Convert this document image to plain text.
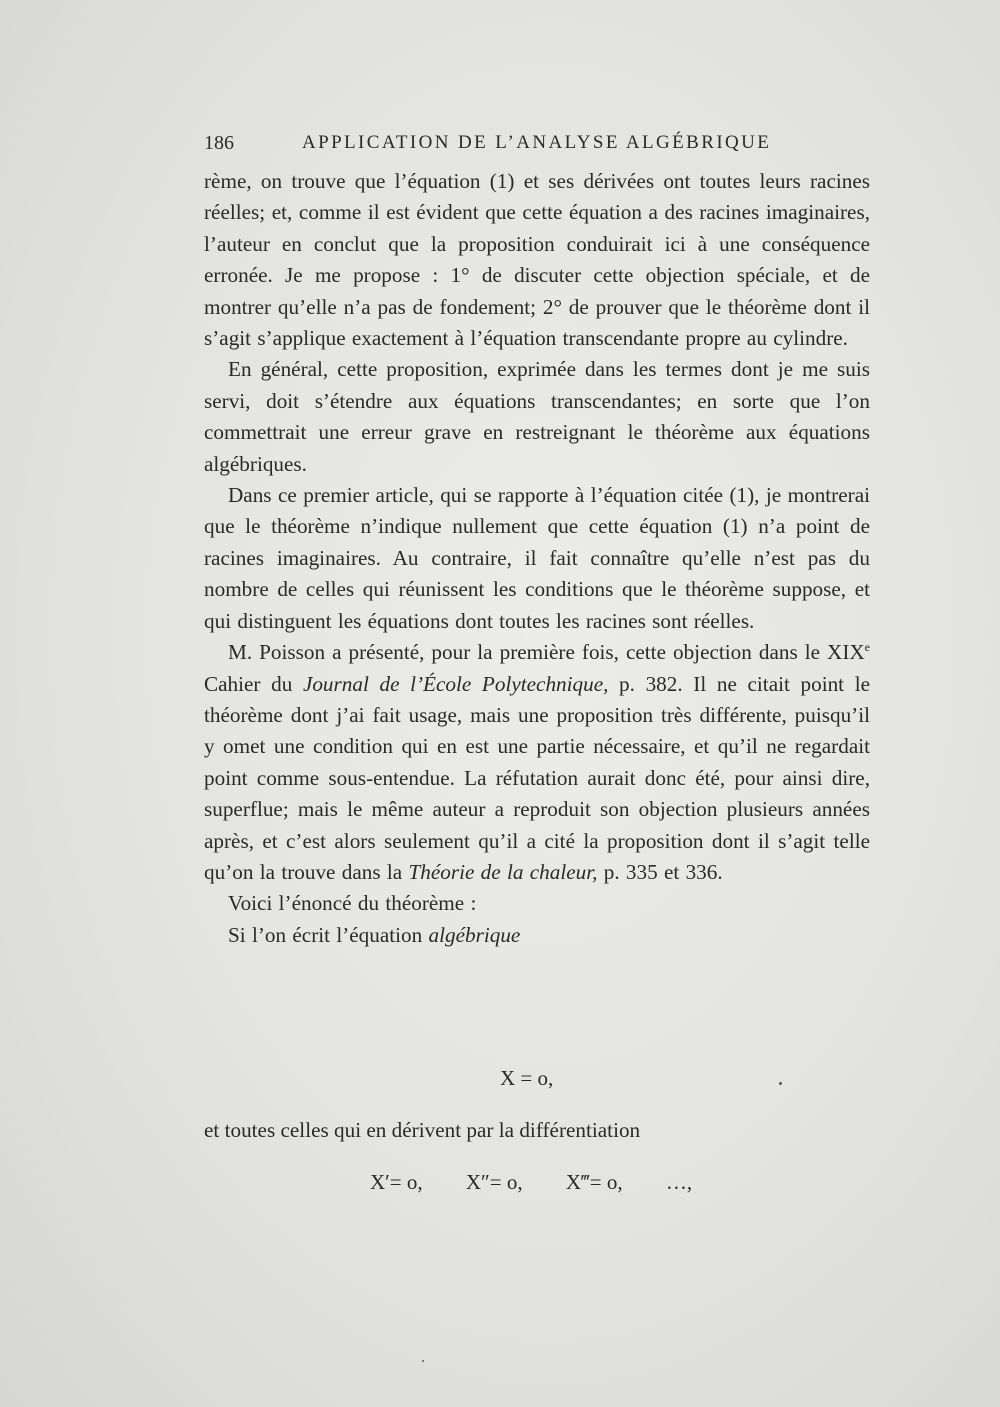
186	APPLICATION DE L’ANALYSE ALGÉBRIQUE

rème, on trouve que l’équation (1) et ses dérivées ont toutes leurs racines réelles; et, comme il est évident que cette équation a des racines imaginaires, l’auteur en conclut que la proposition conduirait ici à une conséquence erronée. Je me propose : 1° de discuter cette objection spéciale, et de montrer qu’elle n’a pas de fondement; 2° de prouver que le théorème dont il s’agit s’applique exactement à l’équation transcendante propre au cylindre.

En général, cette proposition, exprimée dans les termes dont je me suis servi, doit s’étendre aux équations transcendantes; en sorte que l’on commettrait une erreur grave en restreignant le théorème aux équations algébriques.

Dans ce premier article, qui se rapporte à l’équation citée (1), je montrerai que le théorème n’indique nullement que cette équation (1) n’a point de racines imaginaires. Au contraire, il fait connaître qu’elle n’est pas du nombre de celles qui réunissent les conditions que le théorème suppose, et qui distinguent les équations dont toutes les racines sont réelles.

M. Poisson a présenté, pour la première fois, cette objection dans le XIXe Cahier du Journal de l’École Polytechnique, p. 382. Il ne citait point le théorème dont j’ai fait usage, mais une proposition très différente, puisqu’il y omet une condition qui en est une partie nécessaire, et qu’il ne regardait point comme sous-entendue. La réfutation aurait donc été, pour ainsi dire, superflue; mais le même auteur a reproduit son objection plusieurs années après, et c’est alors seulement qu’il a cité la proposition dont il s’agit telle qu’on la trouve dans la Théorie de la chaleur, p. 335 et 336.

Voici l’énoncé du théorème :

Si l’on écrit l’équation algébrique

X = o,
et toutes celles qui en dérivent par la différentiation
X′= o, X″= o, X‴= o, …,
